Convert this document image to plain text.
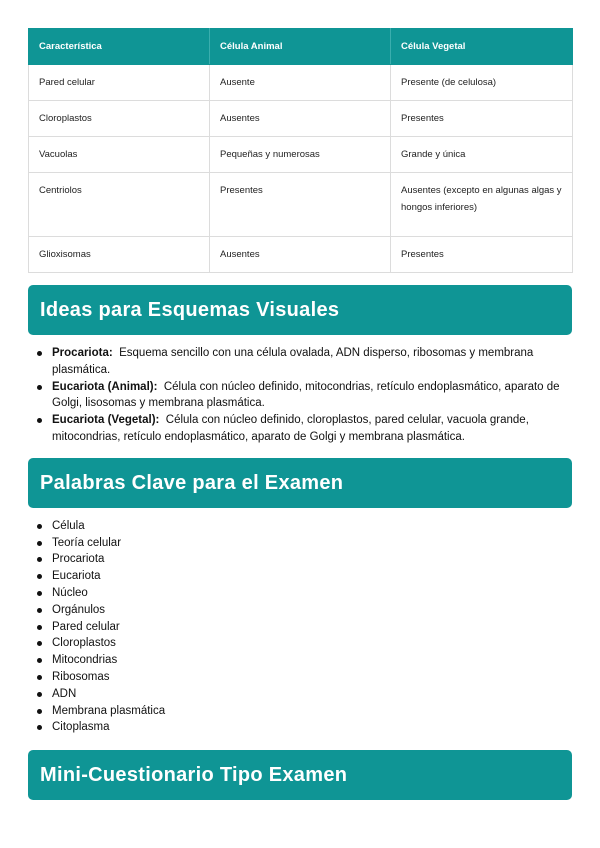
Característica	Célula Animal	Célula Vegetal
Pared celular	Ausente	Presente (de celulosa)
Cloroplastos	Ausentes	Presentes
Vacuolas	Pequeñas y numerosas	Grande y única
Centriolos	Presentes	Ausentes (excepto en algunas algas y hongos inferiores)
Glioxisomas	Ausentes	Presentes
Ideas para Esquemas Visuales
Procariota: Esquema sencillo con una célula ovalada, ADN disperso, ribosomas y membrana plasmática.
Eucariota (Animal): Célula con núcleo definido, mitocondrias, retículo endoplasmático, aparato de Golgi, lisosomas y membrana plasmática.
Eucariota (Vegetal): Célula con núcleo definido, cloroplastos, pared celular, vacuola grande, mitocondrias, retículo endoplasmático, aparato de Golgi y membrana plasmática.
Palabras Clave para el Examen
Célula
Teoría celular
Procariota
Eucariota
Núcleo
Orgánulos
Pared celular
Cloroplastos
Mitocondrias
Ribosomas
ADN
Membrana plasmática
Citoplasma
Mini-Cuestionario Tipo Examen
